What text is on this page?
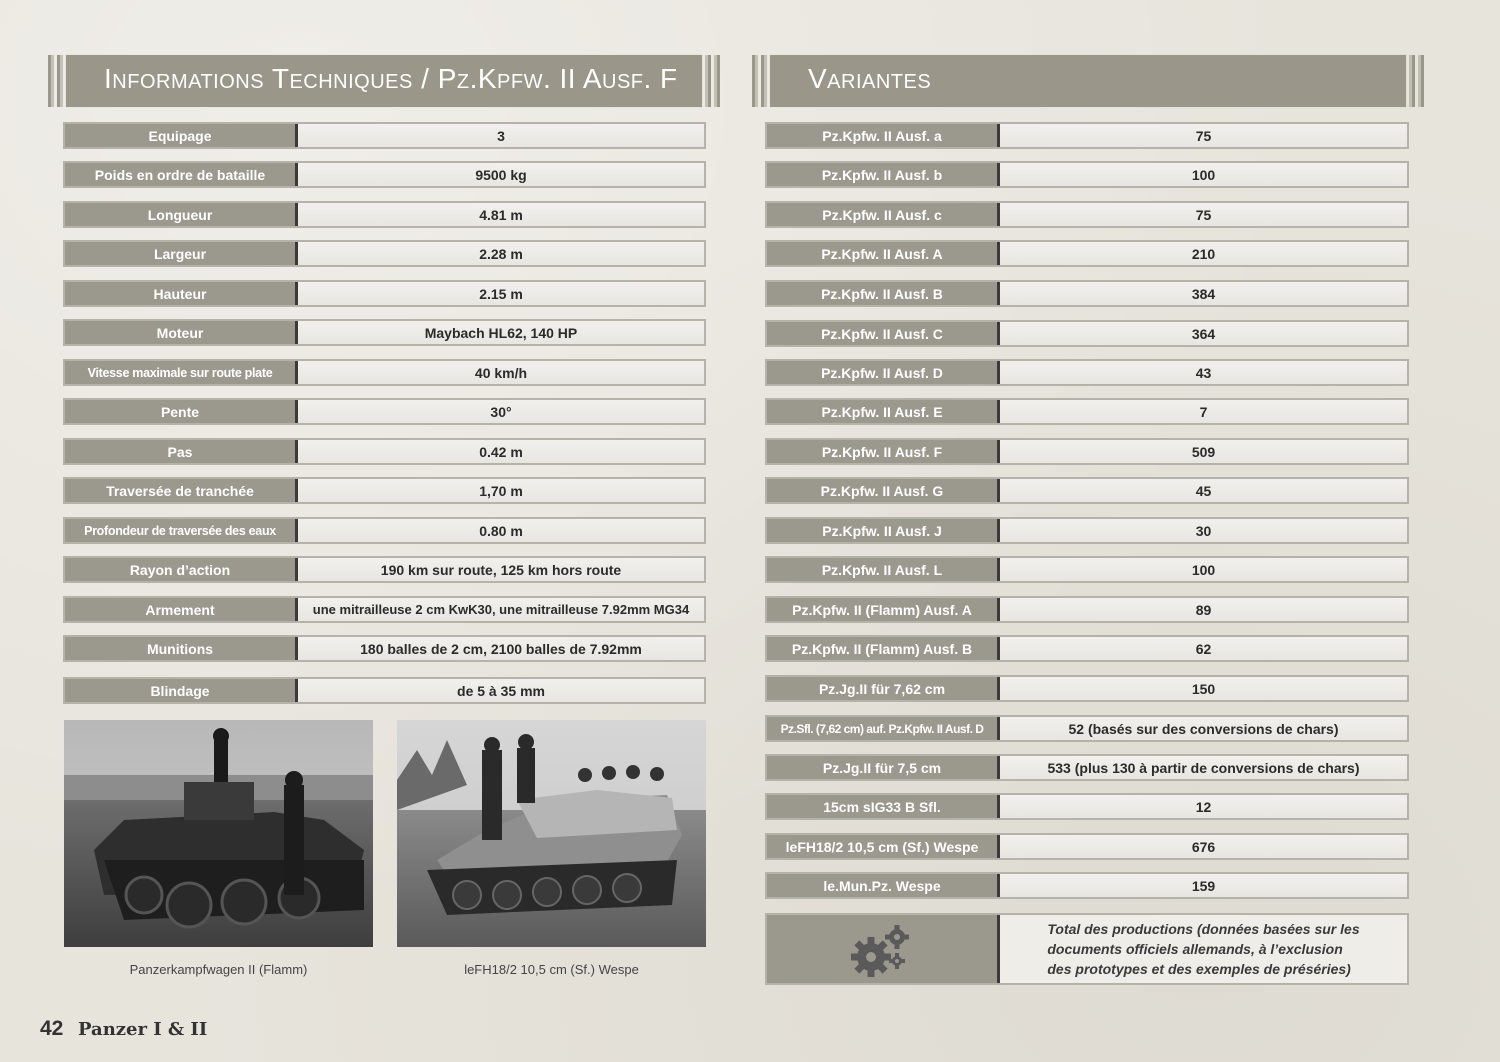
Informations Techniques / Pz.Kpfw. II Ausf. F
Equipage	3
Poids en ordre de bataille	9500 kg
Longueur	4.81 m
Largeur	2.28 m
Hauteur	2.15 m
Moteur	Maybach HL62, 140 HP
Vitesse maximale sur route plate	40 km/h
Pente	30°
Pas	0.42 m
Traversée de tranchée	1,70 m
Profondeur de traversée des eaux	0.80 m
Rayon d’action	190 km sur route, 125 km hors route
Armement	une mitrailleuse 2 cm KwK30, une mitrailleuse 7.92mm MG34
Munitions	180 balles de 2 cm, 2100 balles de 7.92mm
Blindage	de 5 à 35 mm
Panzerkampfwagen II (Flamm)	leFH18/2 10,5 cm (Sf.) Wespe
Variantes
Pz.Kpfw. II Ausf. a	75
Pz.Kpfw. II Ausf. b	100
Pz.Kpfw. II Ausf. c	75
Pz.Kpfw. II Ausf. A	210
Pz.Kpfw. II Ausf. B	384
Pz.Kpfw. II Ausf. C	364
Pz.Kpfw. II Ausf. D	43
Pz.Kpfw. II Ausf. E	7
Pz.Kpfw. II Ausf. F	509
Pz.Kpfw. II Ausf. G	45
Pz.Kpfw. II Ausf. J	30
Pz.Kpfw. II Ausf. L	100
Pz.Kpfw. II (Flamm) Ausf. A	89
Pz.Kpfw. II (Flamm) Ausf. B	62
Pz.Jg.II für 7,62 cm	150
Pz.Sfl. (7,62 cm) auf. Pz.Kpfw. II Ausf. D	52 (basés sur des conversions de chars)
Pz.Jg.II für 7,5 cm	533 (plus 130 à partir de conversions de chars)
15cm sIG33 B Sfl.	12
leFH18/2 10,5 cm (Sf.) Wespe	676
le.Mun.Pz. Wespe	159
Total des productions (données basées sur les
documents officiels allemands, à l’exclusion
des prototypes et des exemples de préséries)
42 Panzer I & II
